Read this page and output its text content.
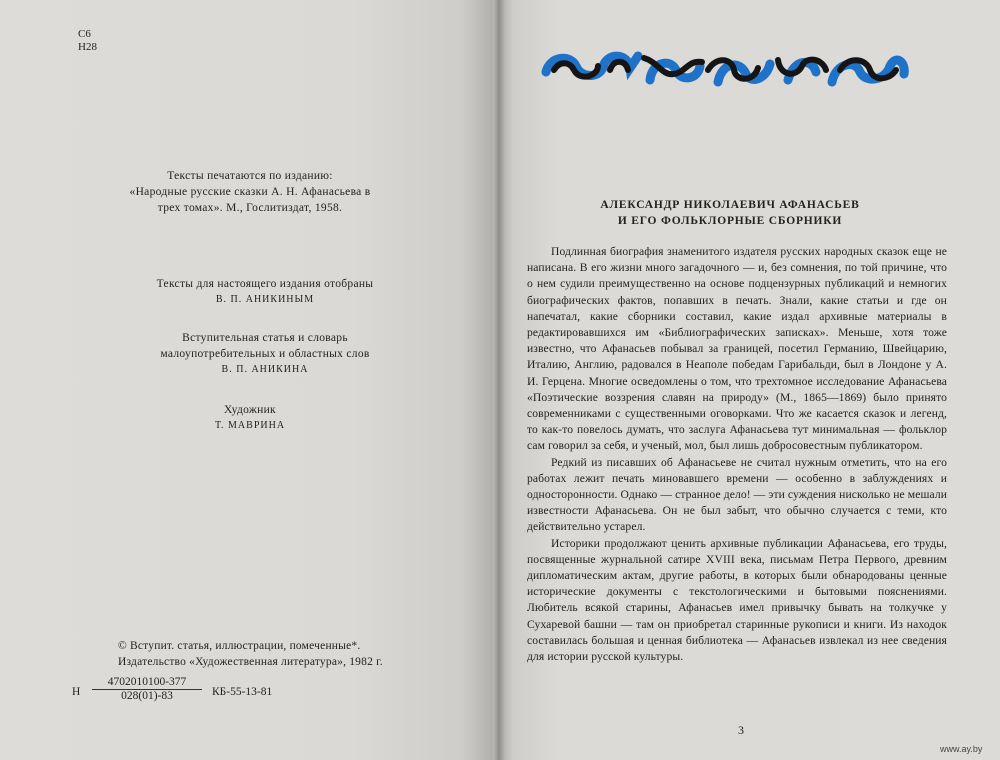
С6
Н28
Тексты печатаются по изданию:
«Народные русские сказки А. Н. Афанасьева в
трех томах». М., Гослитиздат, 1958.
Тексты для настоящего издания отобраны
В. П. АНИКИНЫМ
Вступительная статья и словарь
малоупотребительных и областных слов
В. П. АНИКИНА
Художник
Т. МАВРИНА
© Вступит. статья, иллюстрации, помеченные*.
Издательство «Художественная литература», 1982 г.
Н $\frac{4702010100-377}{028(01)-83} КБ-55-13-81$
АЛЕКСАНДР НИКОЛАЕВИЧ АФАНАСЬЕВ
И ЕГО ФОЛЬКЛОРНЫЕ СБОРНИКИ

Подлинная биография знаменитого издателя русских народных сказок еще не написана. В его жизни много загадочного — и, без сомнения, по той причине, что о нем судили преимущественно на основе подцензурных публикаций и немногих биографических фактов, попавших в печать. Знали, какие статьи и где он напечатал, какие сборники составил, какие издал архивные материалы в редактировавшихся им «Библиографических записках». Меньше, хотя тоже известно, что Афанасьев побывал за границей, посетил Германию, Швейцарию, Италию, Англию, радовался в Неаполе победам Гарибальди, был в Лондоне у А. И. Герцена. Многие осведомлены о том, что трехтомное исследование Афанасьева «Поэтические воззрения славян на природу» (М., 1865—1869) было принято современниками с существенными оговорками. Что же касается сказок и легенд, то как-то повелось думать, что заслуга Афанасьева тут минимальная — фольклор сам говорил за себя, и ученый, мол, был лишь добросовестным публикатором.

Редкий из писавших об Афанасьеве не считал нужным отметить, что на его работах лежит печать миновавшего времени — особенно в заблуждениях и односторонности. Однако — странное дело! — эти суждения нисколько не мешали известности Афанасьева. Он не был забыт, что обычно случается с теми, кто действительно устарел.

Историки продолжают ценить архивные публикации Афанасьева, его труды, посвященные журнальной сатире XVIII века, письмам Петра Первого, древним дипломатическим актам, другие работы, в которых были обнародованы ценные исторические документы с текстологическими и бытовыми пояснениями. Любитель всякой старины, Афанасьев имел привычку бывать на толкучке у Сухаревой башни — там он приобретал старинные рукописи и книги. Из находок составилась большая и ценная библиотека — Афанасьев извлекал из нее сведения для истории русской культуры.

3
www.ay.by
